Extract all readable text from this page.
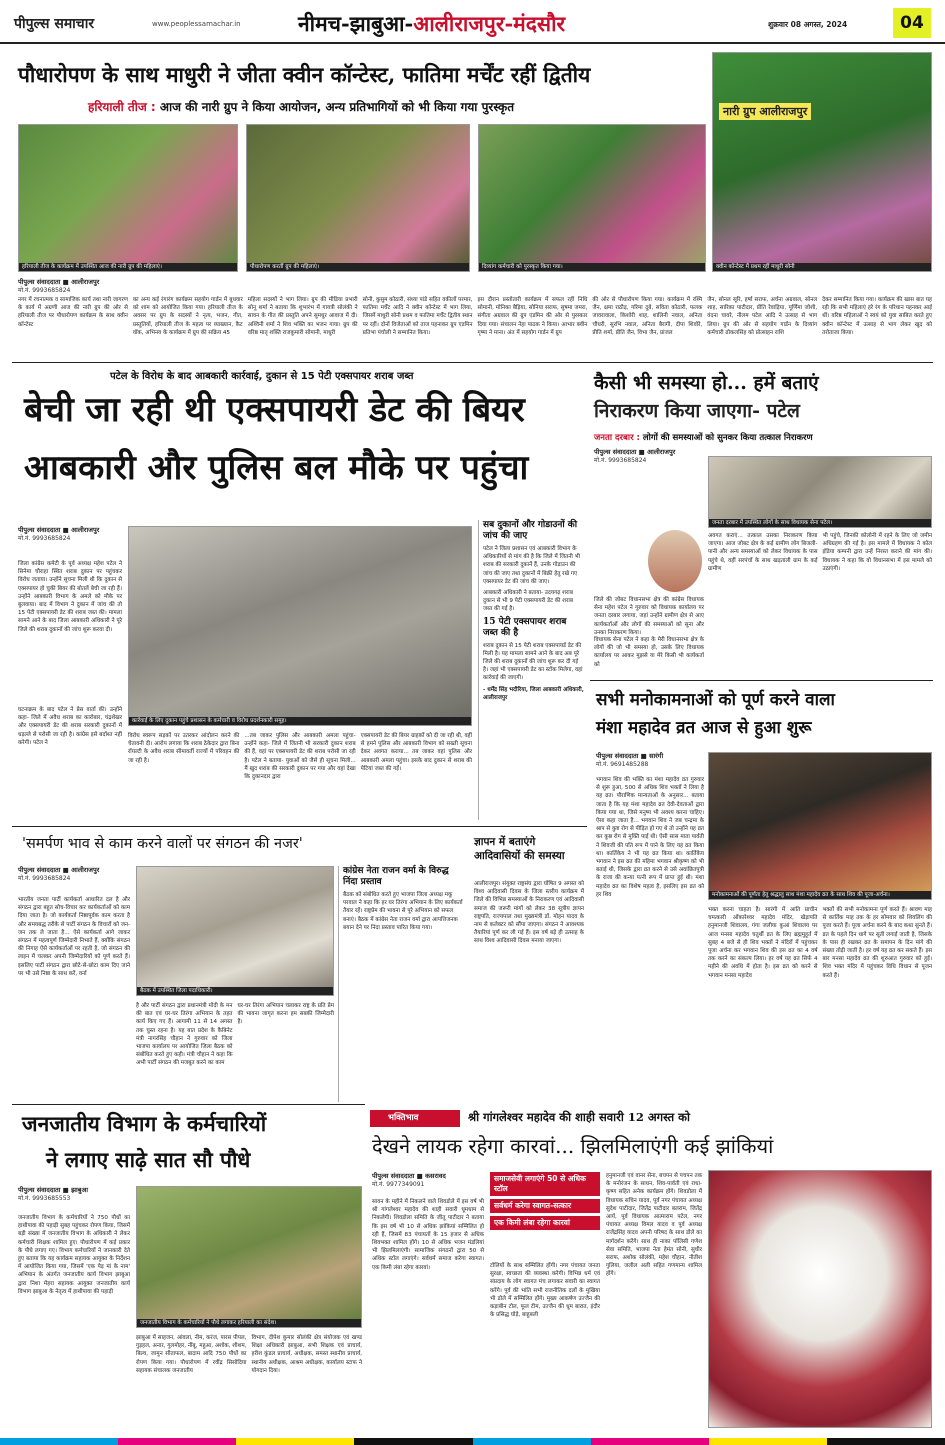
पीपुल्स समाचार	www.peoplessamachar.in	नीमच-झाबुआ-आलीराजपुर-मंदसौर	शुक्रवार 08 अगस्त, 2024	04
पौधारोपण के साथ माधुरी ने जीता क्वीन कॉन्टेस्ट, फातिमा मर्चेंट रहीं द्वितीय
हरियाली तीज : आज की नारी ग्रुप ने किया आयोजन, अन्य प्रतिभागियों को भी किया गया पुरस्कृत	नारी ग्रुप आलीराजपुर
क्वीन कॉन्टेस्ट में प्रथम रहीं माधुरी सोनी
हरियाली तीज के कार्यक्रम में उपस्थित आज की नारी ग्रुप की महिलाएं।	पौधारोपण करतीं ग्रुप की महिलाएं।	दिव्यांग कर्मचारी को पुरस्कृत किया गया।
पीपुल्स संवाददाता ■ आलीराजपुर
मो.नं. 9993685824
नगर में रचनात्मक व सामाजिक कार्य तथा नारी जागरण के कार्य में अग्रणी आज की नारी ग्रुप की ओर से हरियाली तीज पर पौधारोपण कार्यक्रम के साथ क्वीन कॉन्टेस्ट
का अन्य कई रंगारंग कार्यक्रम सहयोग गार्डन में बुधवार को शाम को आयोजित किया गया। हरियाली तीज के अवसर पर ग्रुप के सदस्यों ने नृत्य, भजन, गीत, प्रस्तुतियों, हरियाली तीज के महत्व पर व्याख्यान, कैट वॉक, अभिनय के कार्यक्रम में ग्रुप की सक्रिय 45
महिला सदस्यों ने भाग लिया। ग्रुप की मीडिया प्रभारी सोनू शर्मा ने बताया कि शुभारंभ में गायत्री सोलंकी ने सावन के गीत की प्रस्तुति अपने सुमधुर आवाज में दी। अश्विनी शर्मा ने शिव भक्ति का भजन गाया। ग्रुप की वरिष्ठ मातृ शक्ति राजकुमारी सोमानी, माधुरी
सोनी, कुसुम कोठारी, संध्या पांडे सहित वकीलों परमार, फातिमा मर्चेंट आदि ने क्वीन कॉन्टेस्ट में भाग लिया, जिसमें माधुरी सोनी प्रथम व फातिमा मर्चेंट द्वितीय स्थान पर रहीं। दोनों विजेताओं को ताज पहनाकर ग्रुप एडमिन प्रतिभा पंचोली ने सम्मानित किया।
इस दौरान प्रस्तोतारी कार्यक्रम में सफल रहीं निधि सोमानी, मोनिका बैड़िया, सोनिया सराफ, सुषमा जमरा, संगीता अग्रवाल की ग्रुप एडमिन की ओर से पुरस्कार दिया गया। संचालन नेहा पाठक ने किया। आभार क्वीन गृष्मा ने माना। अंत में सहयोग गार्डन में ग्रुप
की ओर से पौधारोपण किया गया। कार्यक्रम में रश्मि जैन, क्षमा राठौड़, गरिमा दुबे, सविता कोठारी, फलक जावरावाला, किशोरी शाह, शालिनी नवाल, अनिता चौधरी, सुरभि नवाल, अनिता बैरागी, दीपा शिवोरे, प्रीति शर्मा, प्रीति जैन, विभा जैन, प्रांजल
जैन, सोनल सूरि, हर्षा सराफ, अर्चना अग्रवाल, सोनल शाह, सारिका पाटीदार, प्रीति रेवाड़िया, पूर्णिमा जोशी, वंदना चावरे, नीलम पटेल आदि ने उत्साह से भाग लिया। ग्रुप की ओर से सहयोग गार्डन के दिव्यांग कर्मचारी ढोकलसिंह को प्रोत्साहन राशि
देकर सम्मानित किया गया। कार्यक्रम की खास बात यह रही कि सभी महिलाएं हरे रंग के परिधान पहनकर आई थीं। वरिष्ठ महिलाओं ने स्वयं को युवा साबित करते हुए क्वीन कॉन्टेस्ट में उत्साह से भाग लेकर खुद को तरोताजा किया।
पटेल के विरोध के बाद आबकारी कार्रवाई, दुकान से 15 पेटी एक्सपायर शराब जब्त
बेची जा रही थी एक्सपायरी डेट की बियर
आबकारी और पुलिस बल मौके पर पहुंचा
पीपुल्स संवाददाता ■ आलीराजपुर
मो.नं. 9993685824
जिला कांग्रेस कमेटी के पूर्व अध्यक्ष महेश पटेल ने सिनेमा चौराहा स्थित शराब दुकान पर पहुंचकर विरोध जताया। उन्होंने सूचना मिली थी कि दुकान से एक्सपायर हो चुकी बियर की बोतलें बेची जा रही हैं। उन्होंने आबकारी विभाग के अमले को मौके पर बुलवाया। बाद में विभाग ने दुकान में जांच की तो 15 पेटी एक्सपायरी डेट की शराब जब्त की। मामला सामने आने के बाद जिला आबकारी अधिकारी ने पूरे जिले की शराब दुकानों की जांच शुरू करवा दी।
घटनाक्रम के बाद पटेल ने प्रेस वार्ता की। उन्होंने कहा- जिले में अवैध शराब का कारोबार, चंद्रशेखर और एक्सपायरी डेट की शराब सरकारी दुकानों में धड़ल्ले से परोसी जा रही है। कांग्रेस इसे बर्दाश्त नहीं करेगी। पटेल ने
कार्रवाई के लिए दुकान पहुंचे प्रशासन के कर्मचारी व विरोध प्रदर्शनकारी समूह।
विरोध स्वरूप सड़कों पर उतरकर आंदोलन करने की चेतावनी दी। आरोप लगाया कि शराब ठेकेदार द्वारा बिना रॉयल्टी के अवैध शराब सीमावर्ती राज्यों में परिवहन की जा रही है।
...तब जाकर पुलिस और आबकारी अमला पहुंचा- उन्होंने कहा- जिले में जितनी भी सरकारी दुकान शराब की हैं, वहां पर एक्सपायरी डेट की शराब परोसी जा रही है। पटेल ने बताया- युवाओं को जैसे ही सूचना मिली... मैं खुद शराब की सरकारी दुकान पर गया और वहां देखा कि दुकानदार द्वारा
एक्सपायरी डेट की बियर ग्राहकों को दी जा रही थी, वहीं से हमने पुलिस और आबकारी विभाग को सख्ती सूचना देकर अवगत कराया... तब जाकर वहां पुलिस और आबकारी अमला पहुंचा। इसके बाद दुकान से शराब की पेटियां जब्त की गईं।
सब दुकानों और गोडाउनों की जांच की जाए
पटेल ने जिला प्रशासन एवं आबकारी विभाग के अधिकारियों से मांग की है कि जिले में जितनी भी शराब की सरकारी दुकानें हैं, उनके गोडाउन की जांच की जाए तथा दुकानों में बिक्री हेतु रखे गए एक्सपायर डेट की जांच की जाए।
आबकारी अधिकारी ने बताया- उदयगढ़ शराब दुकान से भी 9 पेटी एक्सपायरी डेट की शराब जब्त की गई है।
15 पेटी एक्सपायर शराब जब्त की है
शराब दुकान से 15 पेटी शराब एक्सपायर्ड डेट की मिली है। यह मामला सामने आने के बाद अब पूरे जिले की शराब दुकानों की जांच शुरू कर दी गई है। जहां भी एक्सपायरी डेट का स्टॉक मिलेगा, वहां कार्रवाई की जाएगी।
- धर्मेंद्र सिंह भदौरिया, जिला आबकारी अधिकारी, आलीराजपुर
कैसी भी समस्या हो... हमें बताएं
निराकरण किया जाएगा- पटेल
जनता दरबार : लोगों की समस्याओं को सुनकर किया तत्काल निराकरण
पीपुल्स संवाददाता ■ आलीराजपुर
मो.नं. 9993685824
जनता दरबार में उपस्थित लोगों के साथ विधायक सेना पटेल।
जिले की जोबट विधानसभा क्षेत्र की कांग्रेस विधायक सेना महेश पटेल ने गुरुवार को विधायक कार्यालय पर जनता दरबार लगाया, जहां उन्होंने ग्रामीण क्षेत्र से आए कार्यकर्ताओं और लोगों की समस्याओं को सुना और उनका निराकरण किया।
विधायक सेना पटेल ने कहा के मेरी विधानसभा क्षेत्र के लोगों की जो भी समस्या हो, उसके लिए विधायक कार्यालय पर आकर मुझसे या मेरे किसी भी कार्यकर्ता को
अवगत कराएं... तत्काल उसका निराकरण किया जाएगा। आज जोबट क्षेत्र के कई ग्रामीण लोग बिजली-पानी और अन्य समस्याओं को लेकर विधायक के पास पहुंचे थे, वहीं सरपंचों के साथ खड़ताली ग्राम के कई ग्रामीण
भी पहुंचे, जिनकी कोलोनी में रहने के लिए जो जमीन अधिग्रहण की गई है। इस मामले में विधायक ने कोल इंडिया कम्पनी द्वारा उन्हें निरस्त कराने की मांग की। विधायक ने कहा कि वो विधानसभा में इस मामले को उठाएंगी।
सभी मनोकामनाओं को पूर्ण करने वाला
मंशा महादेव व्रत आज से हुआ शुरू
पीपुल्स संवाददाता ■ सारंगी
मो.नं. 9691485288
मनोकामनाओं की पूर्णता हेतु श्रद्धालु साथ मंशा महादेव व्रत के साथ शिव की पूजा-अर्चना।
भगवान शिव की भक्ति का मंशा महादेव व्रत गुरुवार से शुरू हुआ, 500 से अधिक शिव भक्तों ने लिया है यह व्रत। पौराणिक मान्यताओं के अनुसार... बताया जाता है कि यह मंशा महादेव व्रत देवी-देवताओं द्वारा किया गया था, जिसे मनुष्य भी अवश्य करना चाहिए। ऐसा कहा जाता है... भगवान शिव ने जब चन्द्रमा के श्राप से कुष्ट रोग से पीड़ित हो गए थे तो उन्होंने यह व्रत कर कुष्ठ रोग से मुक्ति पाई थी। ऐसी सास माता पार्वती ने शिवजी की पति रूप में पाने के लिए यह व्रत किया था। कार्तिकेय ने भी यह व्रत किया था। कार्तिकेय भगवान ने इस व्रत की महिमा भगवान श्रीकृष्ण को भी बताई थी, जिसके द्वारा व्रत करने से उसे अवांछितपुत्री के राजा की कन्या पत्नी रूप में प्राप्त हुई थी। मंशा महादेव व्रत का विशेष महत्व है, इसलिए इस व्रत को हर शिव
भक्त करना चाहता है। सारंगी में आति प्राचीन चमत्कारी ओंकारेश्वर महादेव मंदिर, खेड़ापति हनुमानजी शिवालय, गंगा जलीया कुआं शिवालय पर आज मनसा महादेव चतुर्थी व्रत के लिए ब्रह्ममुहूर्त में सुबह 4 बजे से ही शिव भक्तों ने मंदिरों में पहुंचकर पूजा अर्चना कर भगवान शिव की इस व्रत का 4 वर्ष तक करने का संकल्प लिया। हर वर्ष यह व्रत सिर्फ 4 महीने की अवधि में होता है। इस व्रत को करने से भगवान मनसा महादेव
भक्तों की सभी मनोकामना पूर्ण करते हैं। श्रावण माह से कार्तिक माह तक के हर सोमवार को शिवलिंग की पूजा करते हैं। पूजा अर्चना करने के बाद कथा सुनते हैं। व्रत के पहले दिन धागे पर सूती लगाई जाती है, जिसके के पास ही रखकर व्रत के समापन के दिन मांगे की संख्या तोड़ी जाती है। हर वर्ष यह व्रत कर सकते हैं। इस बार मनसा महादेव व्रत की शुरुआत गुरुवार को हुई। शिव भक्त मंदिर में पहुंचकर विधि विधान से पूजन करते हैं।
'समर्पण भाव से काम करने वालों पर संगठन की नजर'
पीपुल्स संवाददाता ■ आलीराजपुर
मो.नं. 9993685824
भारतीय जनता पार्टी कार्यकर्ता आधारित दल है और संगठन द्वारा बहुत सोच-विचार कर कार्यकर्ताओं को काम दिया जाता है। जो कार्यकर्ता निष्ठापूर्वक काम करता है और समयबद्ध तरीके से पार्टी संगठन के विचारों को जन-जन तक ले जाता है... ऐसे कार्यकर्ता आगे जाकर संगठन में महत्वपूर्ण जिम्मेदारी निभाते हैं, क्योंकि संगठन की निगाह ऐसे कार्यकर्ताओं पर रहती है, जो संगठन की लाइन में चलकर अपनी जिम्मेदारियों को पूर्ण करते हैं। इसलिए पार्टी संगठन द्वारा छोटे-से-छोटा काम दिए जाने पर भी उसे निष्ठा के साथ करें, वर्ना
बैठक में उपस्थित जिला पदाधिकारी।
है और पार्टी संगठन द्वारा प्रधानमंत्री मोदी के मन की बात एवं घर-घर तिरंगा अभियान के तहत कार्य किए गए हैं। आगामी 11 से 14 अगस्त तक चुस्त रहना है। यह बात प्रदेश के कैबिनेट मंत्री नागरसिंह चौहान ने गुरुवार को जिला भाजपा कार्यालय पर आयोजित जिला बैठक को संबोधित करते हुए कही। मंत्री चौहान ने कहा कि अभी पार्टी संगठन की मजबूत करने का काम
घर-घर तिरंगा अभियान चलाकर राष्ट्र के प्रति प्रेम की भावना जागृत करना हम सबकी जिम्मेदारी है।
कांग्रेस नेता राजन वर्मा के विरुद्ध निंदा प्रस्ताव
बैठक को संबोधित करते हुए भाजपा जिला अध्यक्ष मकू परवाल ने कहा कि हर घर तिरंगा अभियान के लिए कार्यकर्ता तैयार रहें। राष्ट्रप्रेम की भावना से पूरे अभियान को सफल बनाएं। बैठक में कांग्रेस नेता राजन वर्मा द्वारा आपत्तिजनक बयान देने पर निंदा प्रस्ताव पारित किया गया।
ज्ञापन में बताएंगे
आदिवासियों की समस्या
आलीराजपुर। संयुक्त राष्ट्रसंघ द्वारा घोषित 9 अगस्त को विश्व आदिवासी दिवस के जिला स्तरीय कार्यक्रम में जिले की विभिन्न समस्याओं के निराकरण एवं आदिवासी समाज की जरूरी मांगों को लेकर 38 सूत्रीय ज्ञापन राष्ट्रपति, राज्यपाल तथा मुख्यमंत्री डॉ. मोहन यादव के नाम से कलेक्टर को सौंपा जाएगा। संगठन ने आवश्यक तैयारियां पूर्ण कर ली गई हैं। इस वर्ष बड़े ही उत्साह के साथ विश्व आदिवासी दिवस मनाया जाएगा।
जनजातीय विभाग के कर्मचारियों
ने लगाए साढ़े सात सौ पौधे
पीपुल्स संवाददाता ■ झाबुआ
मो.नं. 9993685553
जनजातीय विभाग के कर्मचारियों ने 750 पौधों का हाथीपावा की पहाड़ी सुबह पहुंचकर रोपण किया, जिसमें बड़ी संख्या में जनजातीय विभाग के अधिकारी ने लेकर कर्मचारी शिक्षक शामिल हुए। पौधारोपण में कई प्रकार के पौधे लगाए गए। विभाग कर्मचारियों ने जानकारी देते हुए बताया कि यह कार्यक्रम सहायक आयुक्त के निर्देशन में आयोजित किया गया, जिसमें 'एक पेड़ मां के नाम' अभियान के अंतर्गत जनजातीय कार्य विभाग झाबुआ द्वारा निशा मेहरा सहायक आयुक्त जनजातीय कार्य विभाग झाबुआ के नेतृत्व में हाथीपावा की पहाड़ी
जनजातीय विभाग के कर्मचारियों ने पौधे लगाकर हरियाली का संदेश।
झाबुआ में साहजन, आंवला, नीम, करंज, पारस पीपल, गुड़हल, अनार, गुलमोहर, नींबू, महुआ, अशोक, शीशम, बिल्व, जामुन सीताफल, बादाम आदि 750 पौधों का रोपण किया गया। पौधारोपण में रवींद्र सिसोदिया सहायक संचालक जनजातीय
विभाग, दीपेश कुमार सोलंकी क्षेत्र संयोजक एवं खण्ड शिक्षा अधिकारी झाबुआ, सभी शिक्षक एवं प्राचार्य, हरीश कुंडल प्राचार्य, अधीक्षक, समस्त स्थानीय प्राचार्य, स्थानीय अधीक्षक, आश्रम अधीक्षक, कार्यालय स्टाफ ने योगदान दिया।
भक्तिभाव	श्री गांगलेश्वर महादेव की शाही सवारी 12 अगस्त को
देखने लायक रहेगा कारवां... झिलमिलाएंगी कई झांकियां
पीपुल्स संवाददाता ■ कसरावद
मो.नं. 9977349091
सावन के महीने में निकलने वाले शिवडोले में इस वर्ष भी श्री गांगलेश्वर महादेव की शाही सवारी धूमधाम से निकलेगी। शिवडोला समिति के जीतू पाटीदार ने बताया कि इस वर्ष भी 10 से अधिक झांकियां सम्मिलित हो रही हैं, जिसमें 83 पंचायतों के 15 हजार से अधिक शिवभक्त शामिल होंगे। 10 से अधिक भजन मंडलियां भी झिलमिलाएंगी। सामाजिक संगठनों द्वारा 50 से अधिक स्टॉल लगाएंगे। सर्वधर्म समाज करेगा स्वागत। एक किमी लंबा रहेगा कारवां।
समाजसेवी लगाएंगे 50 से अधिक स्टॉल
सर्वधर्म करेगा स्वागत-सत्कार
एक किमी लंबा रहेगा कारवां
टोलियों के साथ सम्मिलित होंगी। नगर पंचायत जनता सुरक्षा, स्वच्छता की व्यवस्था करेगी। विभिन्न धर्म एवं संप्रदाय के लोग स्वागत मंच लगाकर सवारी का स्वागत करेंगे। पूर्व की भांति सभी राजनीतिक दलों के मुखिया भी डोले में सम्मिलित होंगे। मुख्य आकर्षण उज्जैन की कड़ाबीन टोल, फूल टीम, उज्जैन की धूम बारात, इंदौर के प्रसिद्ध घोड़े, बाहुबली
हनुमानजी एवं वानर सेना, बचपन से पचपन तक के मनोरंजन के साधन, शिव-पार्वती एवं राधा-कृष्ण सहित अनेक कार्यक्रम होंगे। शिवडोला में विधायक सचिन यादव, पूर्व नगर पंचायत अध्यक्ष सुदेश पाटीदार, जितेंद्र पाटीदार बलराम, जितेंद्र आर्य, पूर्व विधायक आत्माराम पटेल, नगर पंचायत अध्यक्ष विमल यादव व पूर्व अध्यक्ष राजेंद्रसिंह यादव अपनी परिषद के साथ डोले का मार्गदर्शन करेंगे। साथ ही नाका पॉलिसी गणेश सेवा समिति, भाजपा नेता हेमंत सोनी, सुधीर सराफ, अशोक सोलंकी, महेश चौहान, नीतीश गुलिया, जलील अली सहित गणमान्य शामिल होंगे।
